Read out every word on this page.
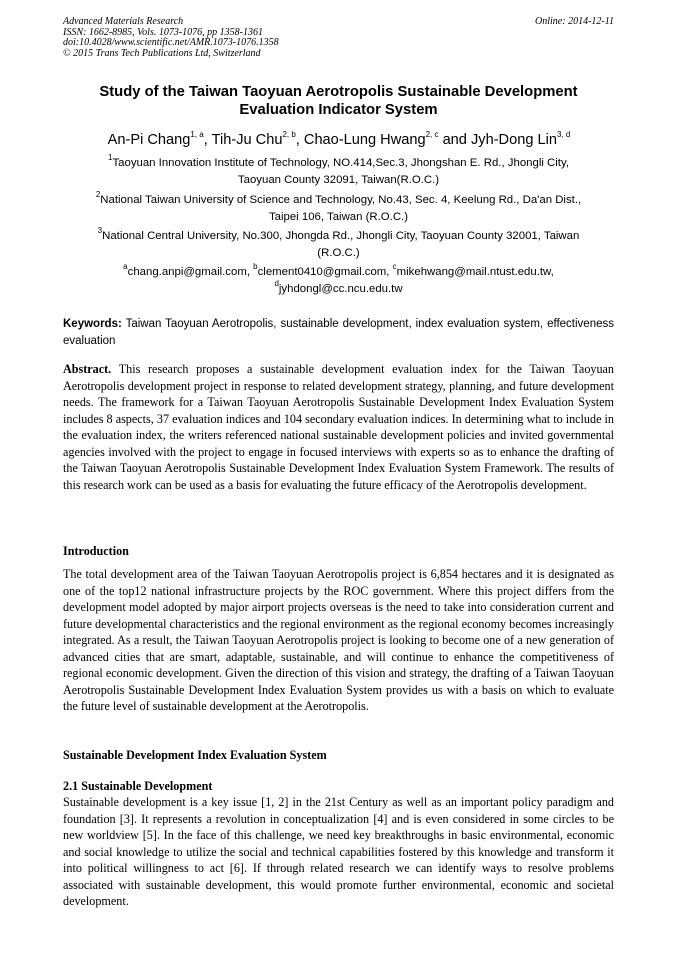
Advanced Materials Research
ISSN: 1662-8985, Vols. 1073-1076, pp 1358-1361
doi:10.4028/www.scientific.net/AMR.1073-1076.1358
© 2015 Trans Tech Publications Ltd, Switzerland
Online: 2014-12-11
Study of the Taiwan Taoyuan Aerotropolis Sustainable Development
Evaluation Indicator System
An-Pi Chang$^{1, a}$, Tih-Ju Chu$^{2, b}$, Chao-Lung Hwang$^{2, c}$ and Jyh-Dong Lin$^{3, d}$
$^1$Taoyuan Innovation Institute of Technology, NO.414,Sec.3, Jhongshan E. Rd., Jhongli City,
Taoyuan County 32091, Taiwan(R.O.C.)
$^2$National Taiwan University of Science and Technology, No.43, Sec. 4, Keelung Rd., Da'an Dist.,
Taipei 106, Taiwan (R.O.C.)
$^3$National Central University, No.300, Jhongda Rd., Jhongli City, Taoyuan County 32001, Taiwan
(R.O.C.)
$^a$chang.anpi@gmail.com, $^b$clement0410@gmail.com, $^c$mikehwang@mail.ntust.edu.tw,
$^d$jyhdongl@cc.ncu.edu.tw
Keywords: Taiwan Taoyuan Aerotropolis, sustainable development, index evaluation system, effectiveness evaluation
Abstract. This research proposes a sustainable development evaluation index for the Taiwan Taoyuan Aerotropolis development project in response to related development strategy, planning, and future development needs. The framework for a Taiwan Taoyuan Aerotropolis Sustainable Development Index Evaluation System includes 8 aspects, 37 evaluation indices and 104 secondary evaluation indices. In determining what to include in the evaluation index, the writers referenced national sustainable development policies and invited governmental agencies involved with the project to engage in focused interviews with experts so as to enhance the drafting of the Taiwan Taoyuan Aerotropolis Sustainable Development Index Evaluation System Framework. The results of this research work can be used as a basis for evaluating the future efficacy of the Aerotropolis development.
Introduction
The total development area of the Taiwan Taoyuan Aerotropolis project is 6,854 hectares and it is designated as one of the top12 national infrastructure projects by the ROC government. Where this project differs from the development model adopted by major airport projects overseas is the need to take into consideration current and future developmental characteristics and the regional environment as the regional economy becomes increasingly integrated. As a result, the Taiwan Taoyuan Aerotropolis project is looking to become one of a new generation of advanced cities that are smart, adaptable, sustainable, and will continue to enhance the competitiveness of regional economic development. Given the direction of this vision and strategy, the drafting of a Taiwan Taoyuan Aerotropolis Sustainable Development Index Evaluation System provides us with a basis on which to evaluate the future level of sustainable development at the Aerotropolis.
Sustainable Development Index Evaluation System
2.1 Sustainable Development
Sustainable development is a key issue [1, 2] in the 21st Century as well as an important policy paradigm and foundation [3]. It represents a revolution in conceptualization [4] and is even considered in some circles to be new worldview [5]. In the face of this challenge, we need key breakthroughs in basic environmental, economic and social knowledge to utilize the social and technical capabilities fostered by this knowledge and transform it into political willingness to act [6]. If through related research we can identify ways to resolve problems associated with sustainable development, this would promote further environmental, economic and societal development.
